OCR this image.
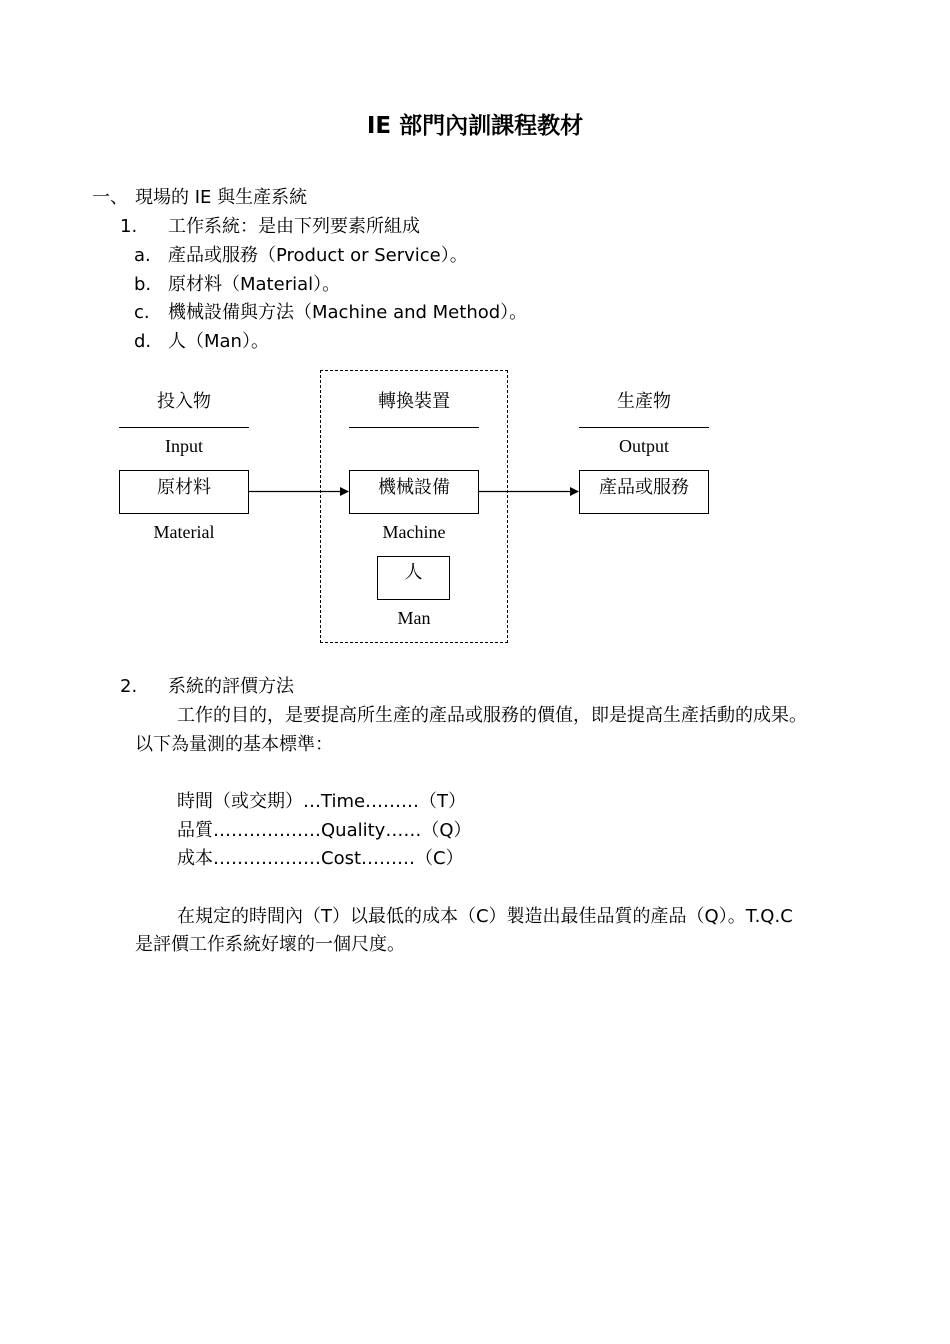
IE 部門內訓課程教材
一、 現場的 IE 與生產系統
1. 工作系統：是由下列要素所組成
a. 產品或服務（Product or Service）。
b. 原材料（Material）。
c. 機械設備與方法（Machine and Method）。
d. 人（Man）。
投入物
Input
原材料
Material
轉換裝置
機械設備
Machine
人
Man
生產物
Output
產品或服務
2. 系統的評價方法
工作的目的，是要提高所生產的產品或服務的價值，即是提高生產括動的成果。
以下為量測的基本標準：
時間（或交期）…Time………（T）
品質………………Quality……（Q）
成本………………Cost………（C）
在規定的時間內（T）以最低的成本（C）製造出最佳品質的產品（Q）。T.Q.C
是評價工作系統好壞的一個尺度。
